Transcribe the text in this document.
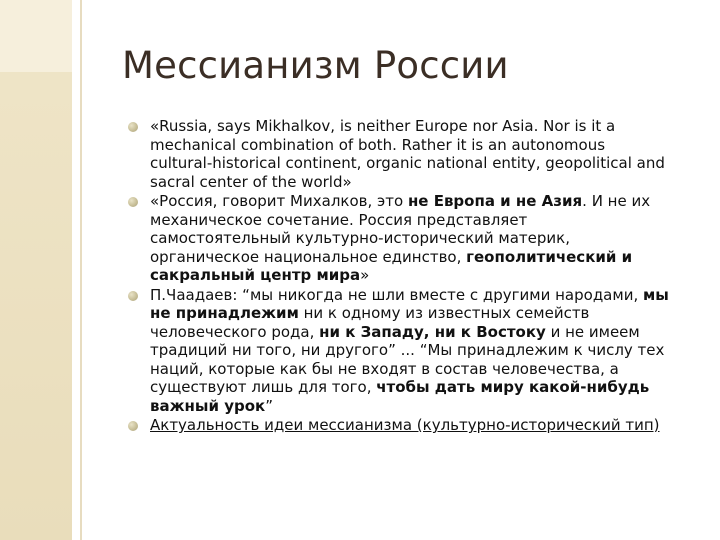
Мессианизм России
«Russia, says Mikhalkov, is neither Europe nor Asia. Nor is it a mechanical combination of both. Rather it is an autonomous cultural-historical continent, organic national entity, geopolitical and sacral center of the world»
«Россия, говорит Михалков, это не Европа и не Азия. И не их механическое сочетание. Россия представляет самостоятельный культурно-исторический материк, органическое национальное единство, геополитический и сакральный центр мира»
П.Чаадаев: “мы никогда не шли вместе с другими народами, мы не принадлежим ни к одному из известных семейств человеческого рода, ни к Западу, ни к Востоку и не имеем традиций ни того, ни другого” ... “Мы принадлежим к числу тех наций, которые как бы не входят в состав человечества, а существуют лишь для того, чтобы дать миру какой-нибудь важный урок”
Актуальность идеи мессианизма (культурно-исторический тип)
